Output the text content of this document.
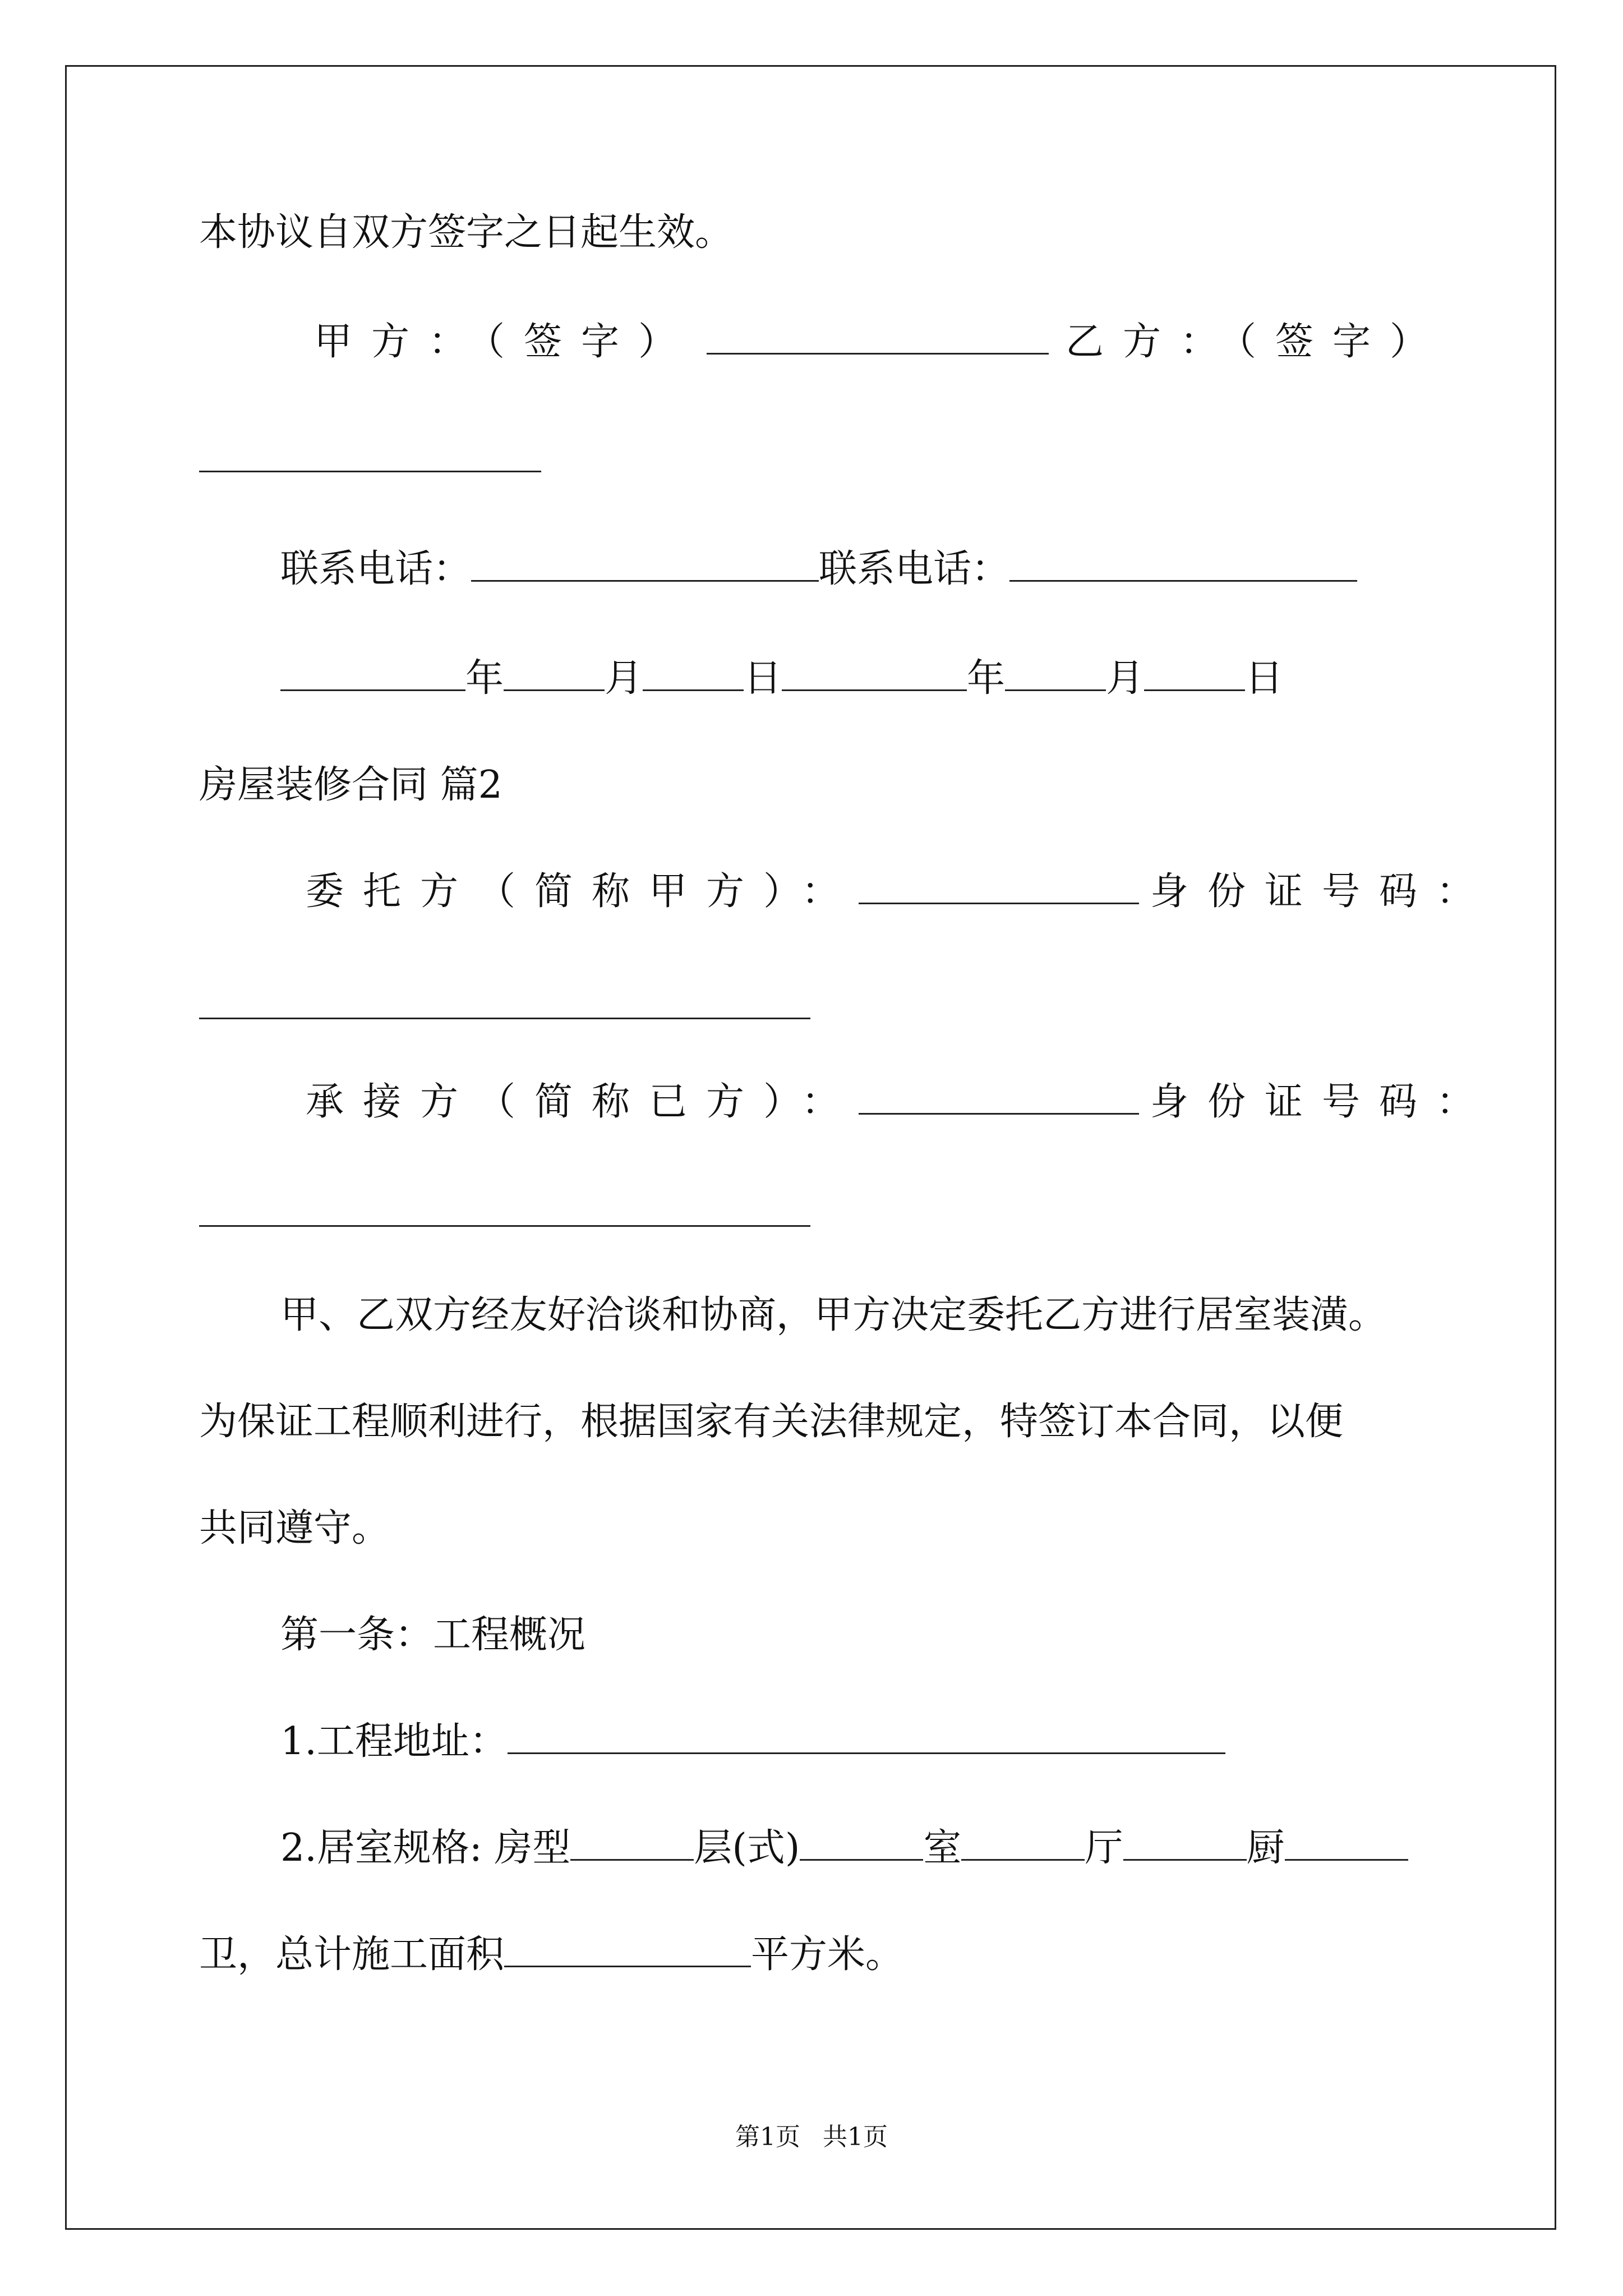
本协议自双方签字之日起生效。
甲方：（签字）	乙方：（签字）
联系电话：	联系电话：
年	月	日	年	月	日
房屋装修合同 篇2
委托方（简称甲方）：	身份证号码：
承接方（简称已方）：	身份证号码：
甲、乙双方经友好洽谈和协商，甲方决定委托乙方进行居室装潢。
为保证工程顺利进行，根据国家有关法律规定，特签订本合同，以便
共同遵守。
第一条：工程概况
1.工程地址：
2.居室规格: 房型	层(式)	室	厅	厨
卫，总计施工面积	平方米。
第1页 共1页
